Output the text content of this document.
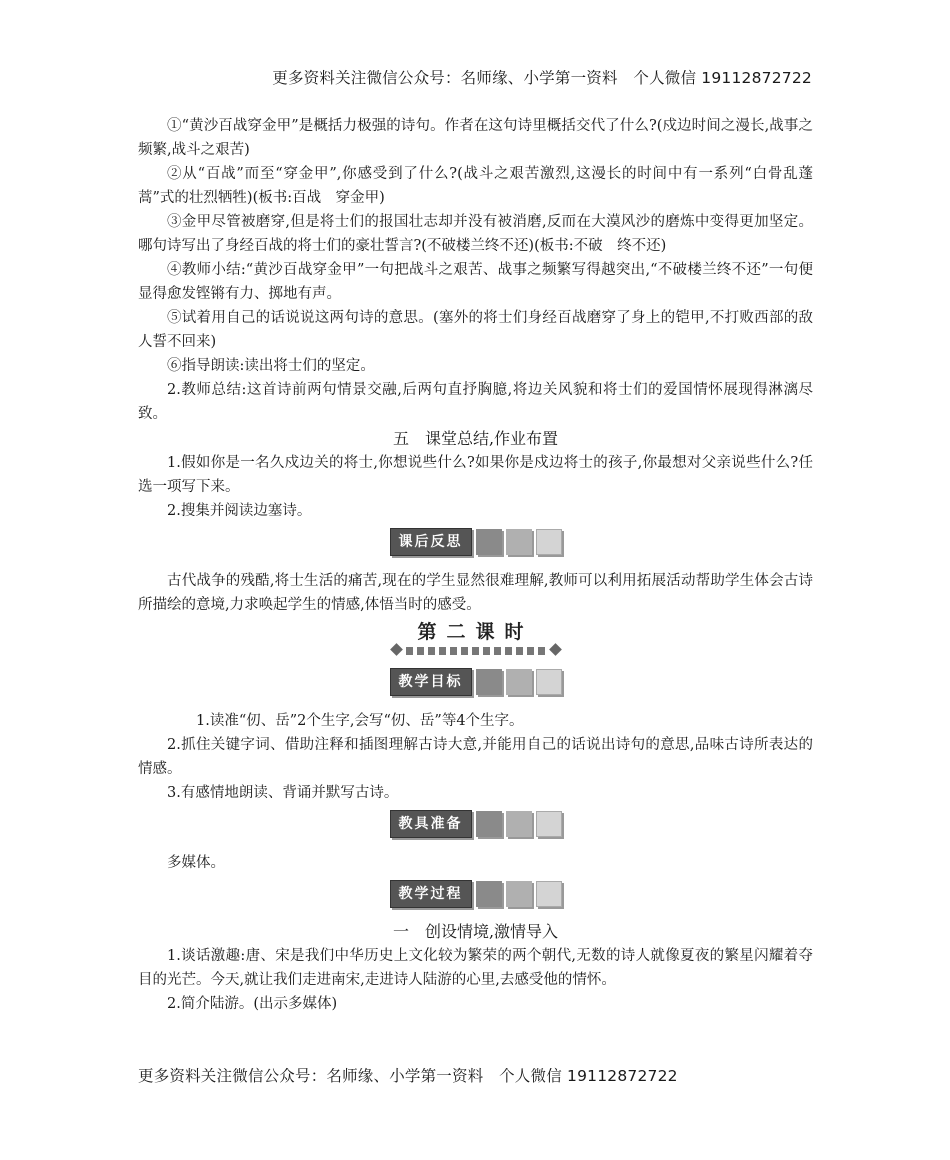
更多资料关注微信公众号：名师缘、小学第一资料　个人微信 19112872722

①“黄沙百战穿金甲”是概括力极强的诗句。作者在这句诗里概括交代了什么?(戍边时间之漫长,战事之频繁,战斗之艰苦)

②从“百战”而至“穿金甲”,你感受到了什么?(战斗之艰苦激烈,这漫长的时间中有一系列“白骨乱蓬蒿”式的壮烈牺牲)(板书:百战　穿金甲)

③金甲尽管被磨穿,但是将士们的报国壮志却并没有被消磨,反而在大漠风沙的磨炼中变得更加坚定。哪句诗写出了身经百战的将士们的豪壮誓言?(不破楼兰终不还)(板书:不破　终不还)

④教师小结:“黄沙百战穿金甲”一句把战斗之艰苦、战事之频繁写得越突出,“不破楼兰终不还”一句便显得愈发铿锵有力、掷地有声。

⑤试着用自己的话说说这两句诗的意思。(塞外的将士们身经百战磨穿了身上的铠甲,不打败西部的敌人誓不回来)

⑥指导朗读:读出将士们的坚定。

2.教师总结:这首诗前两句情景交融,后两句直抒胸臆,将边关风貌和将士们的爱国情怀展现得淋漓尽致。

五　课堂总结,作业布置

1.假如你是一名久戍边关的将士,你想说些什么?如果你是戍边将士的孩子,你最想对父亲说些什么?任选一项写下来。

2.搜集并阅读边塞诗。

课后反思

古代战争的残酷,将士生活的痛苦,现在的学生显然很难理解,教师可以利用拓展活动帮助学生体会古诗所描绘的意境,力求唤起学生的情感,体悟当时的感受。

第二课时
教学目标

1.读准“仞、岳”2个生字,会写“仞、岳”等4个生字。

2.抓住关键字词、借助注释和插图理解古诗大意,并能用自己的话说出诗句的意思,品味古诗所表达的情感。

3.有感情地朗读、背诵并默写古诗。

教具准备

多媒体。

教学过程
一　创设情境,激情导入

1.谈话激趣:唐、宋是我们中华历史上文化较为繁荣的两个朝代,无数的诗人就像夏夜的繁星闪耀着夺目的光芒。今天,就让我们走进南宋,走进诗人陆游的心里,去感受他的情怀。

2.简介陆游。(出示多媒体)

更多资料关注微信公众号：名师缘、小学第一资料　个人微信 19112872722
